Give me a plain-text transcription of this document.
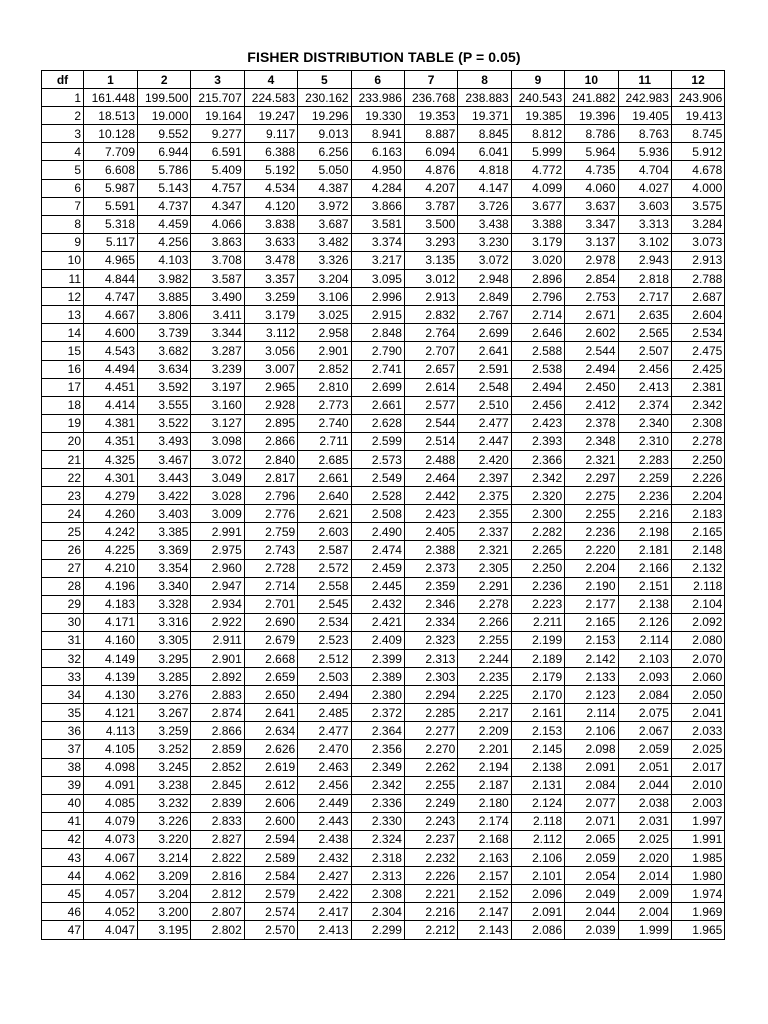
FISHER DISTRIBUTION TABLE (P = 0.05)
df	1	2	3	4	5	6	7	8	9	10	11	12
1	161.448	199.500	215.707	224.583	230.162	233.986	236.768	238.883	240.543	241.882	242.983	243.906
2	18.513	19.000	19.164	19.247	19.296	19.330	19.353	19.371	19.385	19.396	19.405	19.413
3	10.128	9.552	9.277	9.117	9.013	8.941	8.887	8.845	8.812	8.786	8.763	8.745
4	7.709	6.944	6.591	6.388	6.256	6.163	6.094	6.041	5.999	5.964	5.936	5.912
5	6.608	5.786	5.409	5.192	5.050	4.950	4.876	4.818	4.772	4.735	4.704	4.678
6	5.987	5.143	4.757	4.534	4.387	4.284	4.207	4.147	4.099	4.060	4.027	4.000
7	5.591	4.737	4.347	4.120	3.972	3.866	3.787	3.726	3.677	3.637	3.603	3.575
8	5.318	4.459	4.066	3.838	3.687	3.581	3.500	3.438	3.388	3.347	3.313	3.284
9	5.117	4.256	3.863	3.633	3.482	3.374	3.293	3.230	3.179	3.137	3.102	3.073
10	4.965	4.103	3.708	3.478	3.326	3.217	3.135	3.072	3.020	2.978	2.943	2.913
11	4.844	3.982	3.587	3.357	3.204	3.095	3.012	2.948	2.896	2.854	2.818	2.788
12	4.747	3.885	3.490	3.259	3.106	2.996	2.913	2.849	2.796	2.753	2.717	2.687
13	4.667	3.806	3.411	3.179	3.025	2.915	2.832	2.767	2.714	2.671	2.635	2.604
14	4.600	3.739	3.344	3.112	2.958	2.848	2.764	2.699	2.646	2.602	2.565	2.534
15	4.543	3.682	3.287	3.056	2.901	2.790	2.707	2.641	2.588	2.544	2.507	2.475
16	4.494	3.634	3.239	3.007	2.852	2.741	2.657	2.591	2.538	2.494	2.456	2.425
17	4.451	3.592	3.197	2.965	2.810	2.699	2.614	2.548	2.494	2.450	2.413	2.381
18	4.414	3.555	3.160	2.928	2.773	2.661	2.577	2.510	2.456	2.412	2.374	2.342
19	4.381	3.522	3.127	2.895	2.740	2.628	2.544	2.477	2.423	2.378	2.340	2.308
20	4.351	3.493	3.098	2.866	2.711	2.599	2.514	2.447	2.393	2.348	2.310	2.278
21	4.325	3.467	3.072	2.840	2.685	2.573	2.488	2.420	2.366	2.321	2.283	2.250
22	4.301	3.443	3.049	2.817	2.661	2.549	2.464	2.397	2.342	2.297	2.259	2.226
23	4.279	3.422	3.028	2.796	2.640	2.528	2.442	2.375	2.320	2.275	2.236	2.204
24	4.260	3.403	3.009	2.776	2.621	2.508	2.423	2.355	2.300	2.255	2.216	2.183
25	4.242	3.385	2.991	2.759	2.603	2.490	2.405	2.337	2.282	2.236	2.198	2.165
26	4.225	3.369	2.975	2.743	2.587	2.474	2.388	2.321	2.265	2.220	2.181	2.148
27	4.210	3.354	2.960	2.728	2.572	2.459	2.373	2.305	2.250	2.204	2.166	2.132
28	4.196	3.340	2.947	2.714	2.558	2.445	2.359	2.291	2.236	2.190	2.151	2.118
29	4.183	3.328	2.934	2.701	2.545	2.432	2.346	2.278	2.223	2.177	2.138	2.104
30	4.171	3.316	2.922	2.690	2.534	2.421	2.334	2.266	2.211	2.165	2.126	2.092
31	4.160	3.305	2.911	2.679	2.523	2.409	2.323	2.255	2.199	2.153	2.114	2.080
32	4.149	3.295	2.901	2.668	2.512	2.399	2.313	2.244	2.189	2.142	2.103	2.070
33	4.139	3.285	2.892	2.659	2.503	2.389	2.303	2.235	2.179	2.133	2.093	2.060
34	4.130	3.276	2.883	2.650	2.494	2.380	2.294	2.225	2.170	2.123	2.084	2.050
35	4.121	3.267	2.874	2.641	2.485	2.372	2.285	2.217	2.161	2.114	2.075	2.041
36	4.113	3.259	2.866	2.634	2.477	2.364	2.277	2.209	2.153	2.106	2.067	2.033
37	4.105	3.252	2.859	2.626	2.470	2.356	2.270	2.201	2.145	2.098	2.059	2.025
38	4.098	3.245	2.852	2.619	2.463	2.349	2.262	2.194	2.138	2.091	2.051	2.017
39	4.091	3.238	2.845	2.612	2.456	2.342	2.255	2.187	2.131	2.084	2.044	2.010
40	4.085	3.232	2.839	2.606	2.449	2.336	2.249	2.180	2.124	2.077	2.038	2.003
41	4.079	3.226	2.833	2.600	2.443	2.330	2.243	2.174	2.118	2.071	2.031	1.997
42	4.073	3.220	2.827	2.594	2.438	2.324	2.237	2.168	2.112	2.065	2.025	1.991
43	4.067	3.214	2.822	2.589	2.432	2.318	2.232	2.163	2.106	2.059	2.020	1.985
44	4.062	3.209	2.816	2.584	2.427	2.313	2.226	2.157	2.101	2.054	2.014	1.980
45	4.057	3.204	2.812	2.579	2.422	2.308	2.221	2.152	2.096	2.049	2.009	1.974
46	4.052	3.200	2.807	2.574	2.417	2.304	2.216	2.147	2.091	2.044	2.004	1.969
47	4.047	3.195	2.802	2.570	2.413	2.299	2.212	2.143	2.086	2.039	1.999	1.965
